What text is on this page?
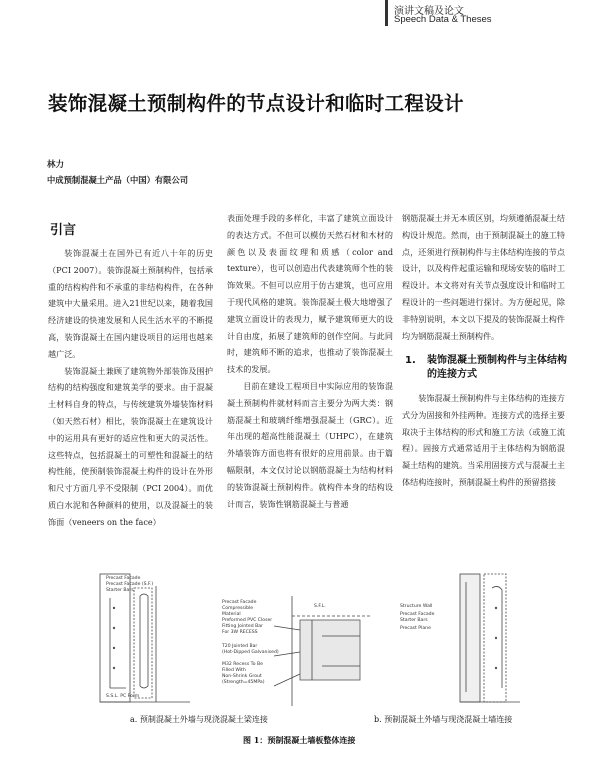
演讲文稿及论文
Speech Data & Theses
装饰混凝土预制构件的节点设计和临时工程设计
林力
中成预制混凝土产品（中国）有限公司
引言

装饰混凝土在国外已有近八十年的历史（PCI 2007）。装饰混凝土预制构件，包括承重的结构构件和不承重的非结构构件，在各种建筑中大量采用。进入21世纪以来，随着我国经济建设的快速发展和人民生活水平的不断提高，装饰混凝土在国内建设项目的运用也越来越广泛。

装饰混凝土兼顾了建筑物外部装饰及围护结构的结构强度和建筑美学的要求。由于混凝土材料自身的特点，与传统建筑外墙装饰材料（如天然石材）相比，装饰混凝土在建筑设计中的运用具有更好的适应性和更大的灵活性。这些特点，包括混凝土的可塑性和混凝土的结构性能，使预制装饰混凝土构件的设计在外形和尺寸方面几乎不受限制（PCI 2004）。而优质白水泥和各种颜料的使用，以及混凝土的装饰面（veneers on the face）

表面处理手段的多样化，丰富了建筑立面设计的表达方式。不但可以模仿天然石材和木材的颜色以及表面纹理和质感（color and texture），也可以创造出代表建筑师个性的装饰效果。不但可以应用于仿古建筑，也可应用于现代风格的建筑。装饰混凝土极大地增强了建筑立面设计的表现力，赋予建筑师更大的设计自由度，拓展了建筑师的创作空间。与此同时，建筑师不断的追求，也推动了装饰混凝土技术的发展。

目前在建设工程项目中实际应用的装饰混凝土预制构件就材料而言主要分为两大类：钢筋混凝土和玻璃纤维增强混凝土（GRC）。近年出现的超高性能混凝土（UHPC），在建筑外墙装饰方面也将有很好的应用前景。由于篇幅限制，本文仅讨论以钢筋混凝土为结构材料的装饰混凝土预制构件。就构件本身的结构设计而言，装饰性钢筋混凝土与普通

钢筋混凝土并无本质区别，均须遵循混凝土结构设计规范。然而，由于预制混凝土的施工特点，还须进行预制构件与主体结构连接的节点设计，以及构件起重运输和现场安装的临时工程设计。本文将对有关节点强度设计和临时工程设计的一些问题进行探讨。为方便起见，除非特别说明，本文以下提及的装饰混凝土构件均为钢筋混凝土预制构件。

1.	装饰混凝土预制构件与主体结构的连接方式

装饰混凝土预制构件与主体结构的连接方式分为固接和外挂两种。连接方式的选择主要取决于主体结构的形式和施工方法（或施工流程）。固接方式通常适用于主体结构为钢筋混凝土结构的建筑。当采用固接方式与混凝土主体结构连接时，预制混凝土构件的预留搭接

Precast Facade
Precast Facade (S.F.)
Starter Bars
S.S.L. PC Form
Precast Facade
Compressible
Material
Preformed PVC Closer
Fitting Jointed Bar
For 3W RECESS
T20 Jointed Bar
(Hot-Dipped Galvanised)
M32 Recess To Be
Filled With
Non-Shrink Grout
(Strength=45MPa)
S.F.L.	Structure Wall
Precast Facade
Starter Bars
Precast Plane
a. 预制混凝土外墙与现浇混凝土梁连接	b. 预制混凝土外墙与现浇混凝土墙连接
图 1：预制混凝土墙板整体连接
